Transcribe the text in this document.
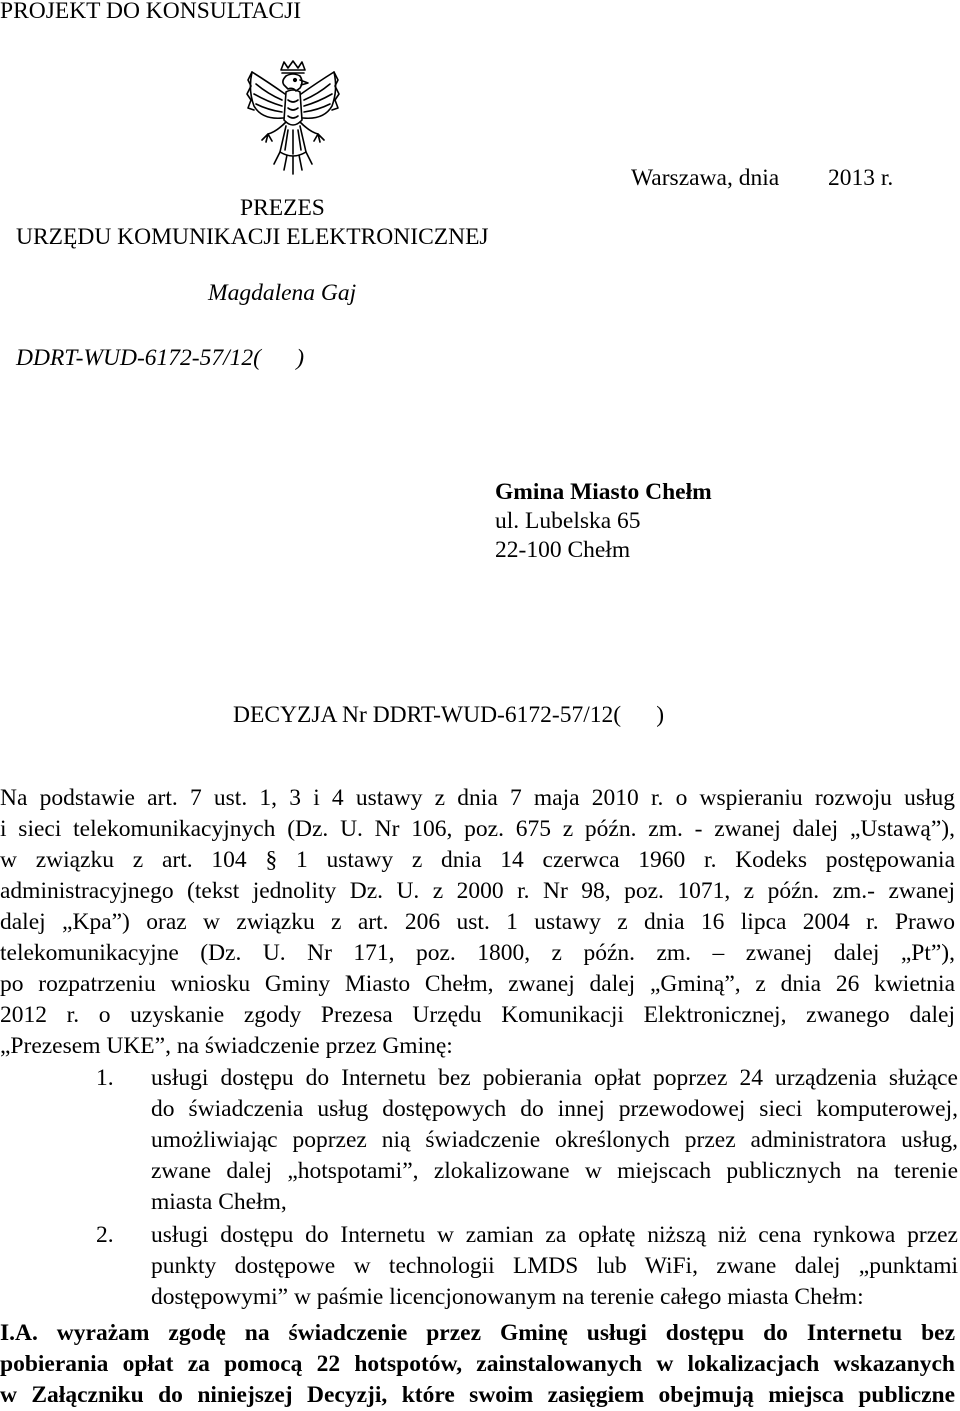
PROJEKT DO KONSULTACJI
PREZES
URZĘDU KOMUNIKACJI ELEKTRONICZNEJ
Warszawa, dnia 2013 r.
Magdalena Gaj
DDRT-WUD-6172-57/12(      )
Gmina Miasto Chełm
ul. Lubelska 65
22-100 Chełm
DECYZJA Nr DDRT-WUD-6172-57/12(      )
Na podstawie art. 7 ust. 1, 3 i 4 ustawy z dnia 7 maja 2010 r. o wspieraniu rozwoju usług
i sieci telekomunikacyjnych (Dz. U. Nr 106, poz. 675 z późn. zm. - zwanej dalej „Ustawą”),
w związku z art. 104 § 1 ustawy z dnia 14 czerwca 1960 r. Kodeks postępowania
administracyjnego (tekst jednolity Dz. U. z 2000 r. Nr 98, poz. 1071, z późn. zm.- zwanej
dalej „Kpa”) oraz w związku z art. 206 ust. 1 ustawy z dnia 16 lipca 2004 r. Prawo
telekomunikacyjne (Dz. U. Nr 171, poz. 1800, z późn. zm. – zwanej dalej „Pt”),
po rozpatrzeniu wniosku Gminy Miasto Chełm, zwanej dalej „Gminą”, z dnia 26 kwietnia
2012 r. o uzyskanie zgody Prezesa Urzędu Komunikacji Elektronicznej, zwanego dalej
„Prezesem UKE”, na świadczenie przez Gminę:
1. usługi dostępu do Internetu bez pobierania opłat poprzez 24 urządzenia służące
do świadczenia usług dostępowych do innej przewodowej sieci komputerowej,
umożliwiając poprzez nią świadczenie określonych przez administratora usług,
zwane dalej „hotspotami”, zlokalizowane w miejscach publicznych na terenie
miasta Chełm,
2. usługi dostępu do Internetu w zamian za opłatę niższą niż cena rynkowa przez
punkty dostępowe w technologii LMDS lub WiFi, zwane dalej „punktami
dostępowymi” w paśmie licencjonowanym na terenie całego miasta Chełm:
I.A. wyrażam zgodę na świadczenie przez Gminę usługi dostępu do Internetu bez
pobierania opłat za pomocą 22 hotspotów, zainstalowanych w lokalizacjach wskazanych
w Załączniku do niniejszej Decyzji, które swoim zasięgiem obejmują miejsca publiczne
